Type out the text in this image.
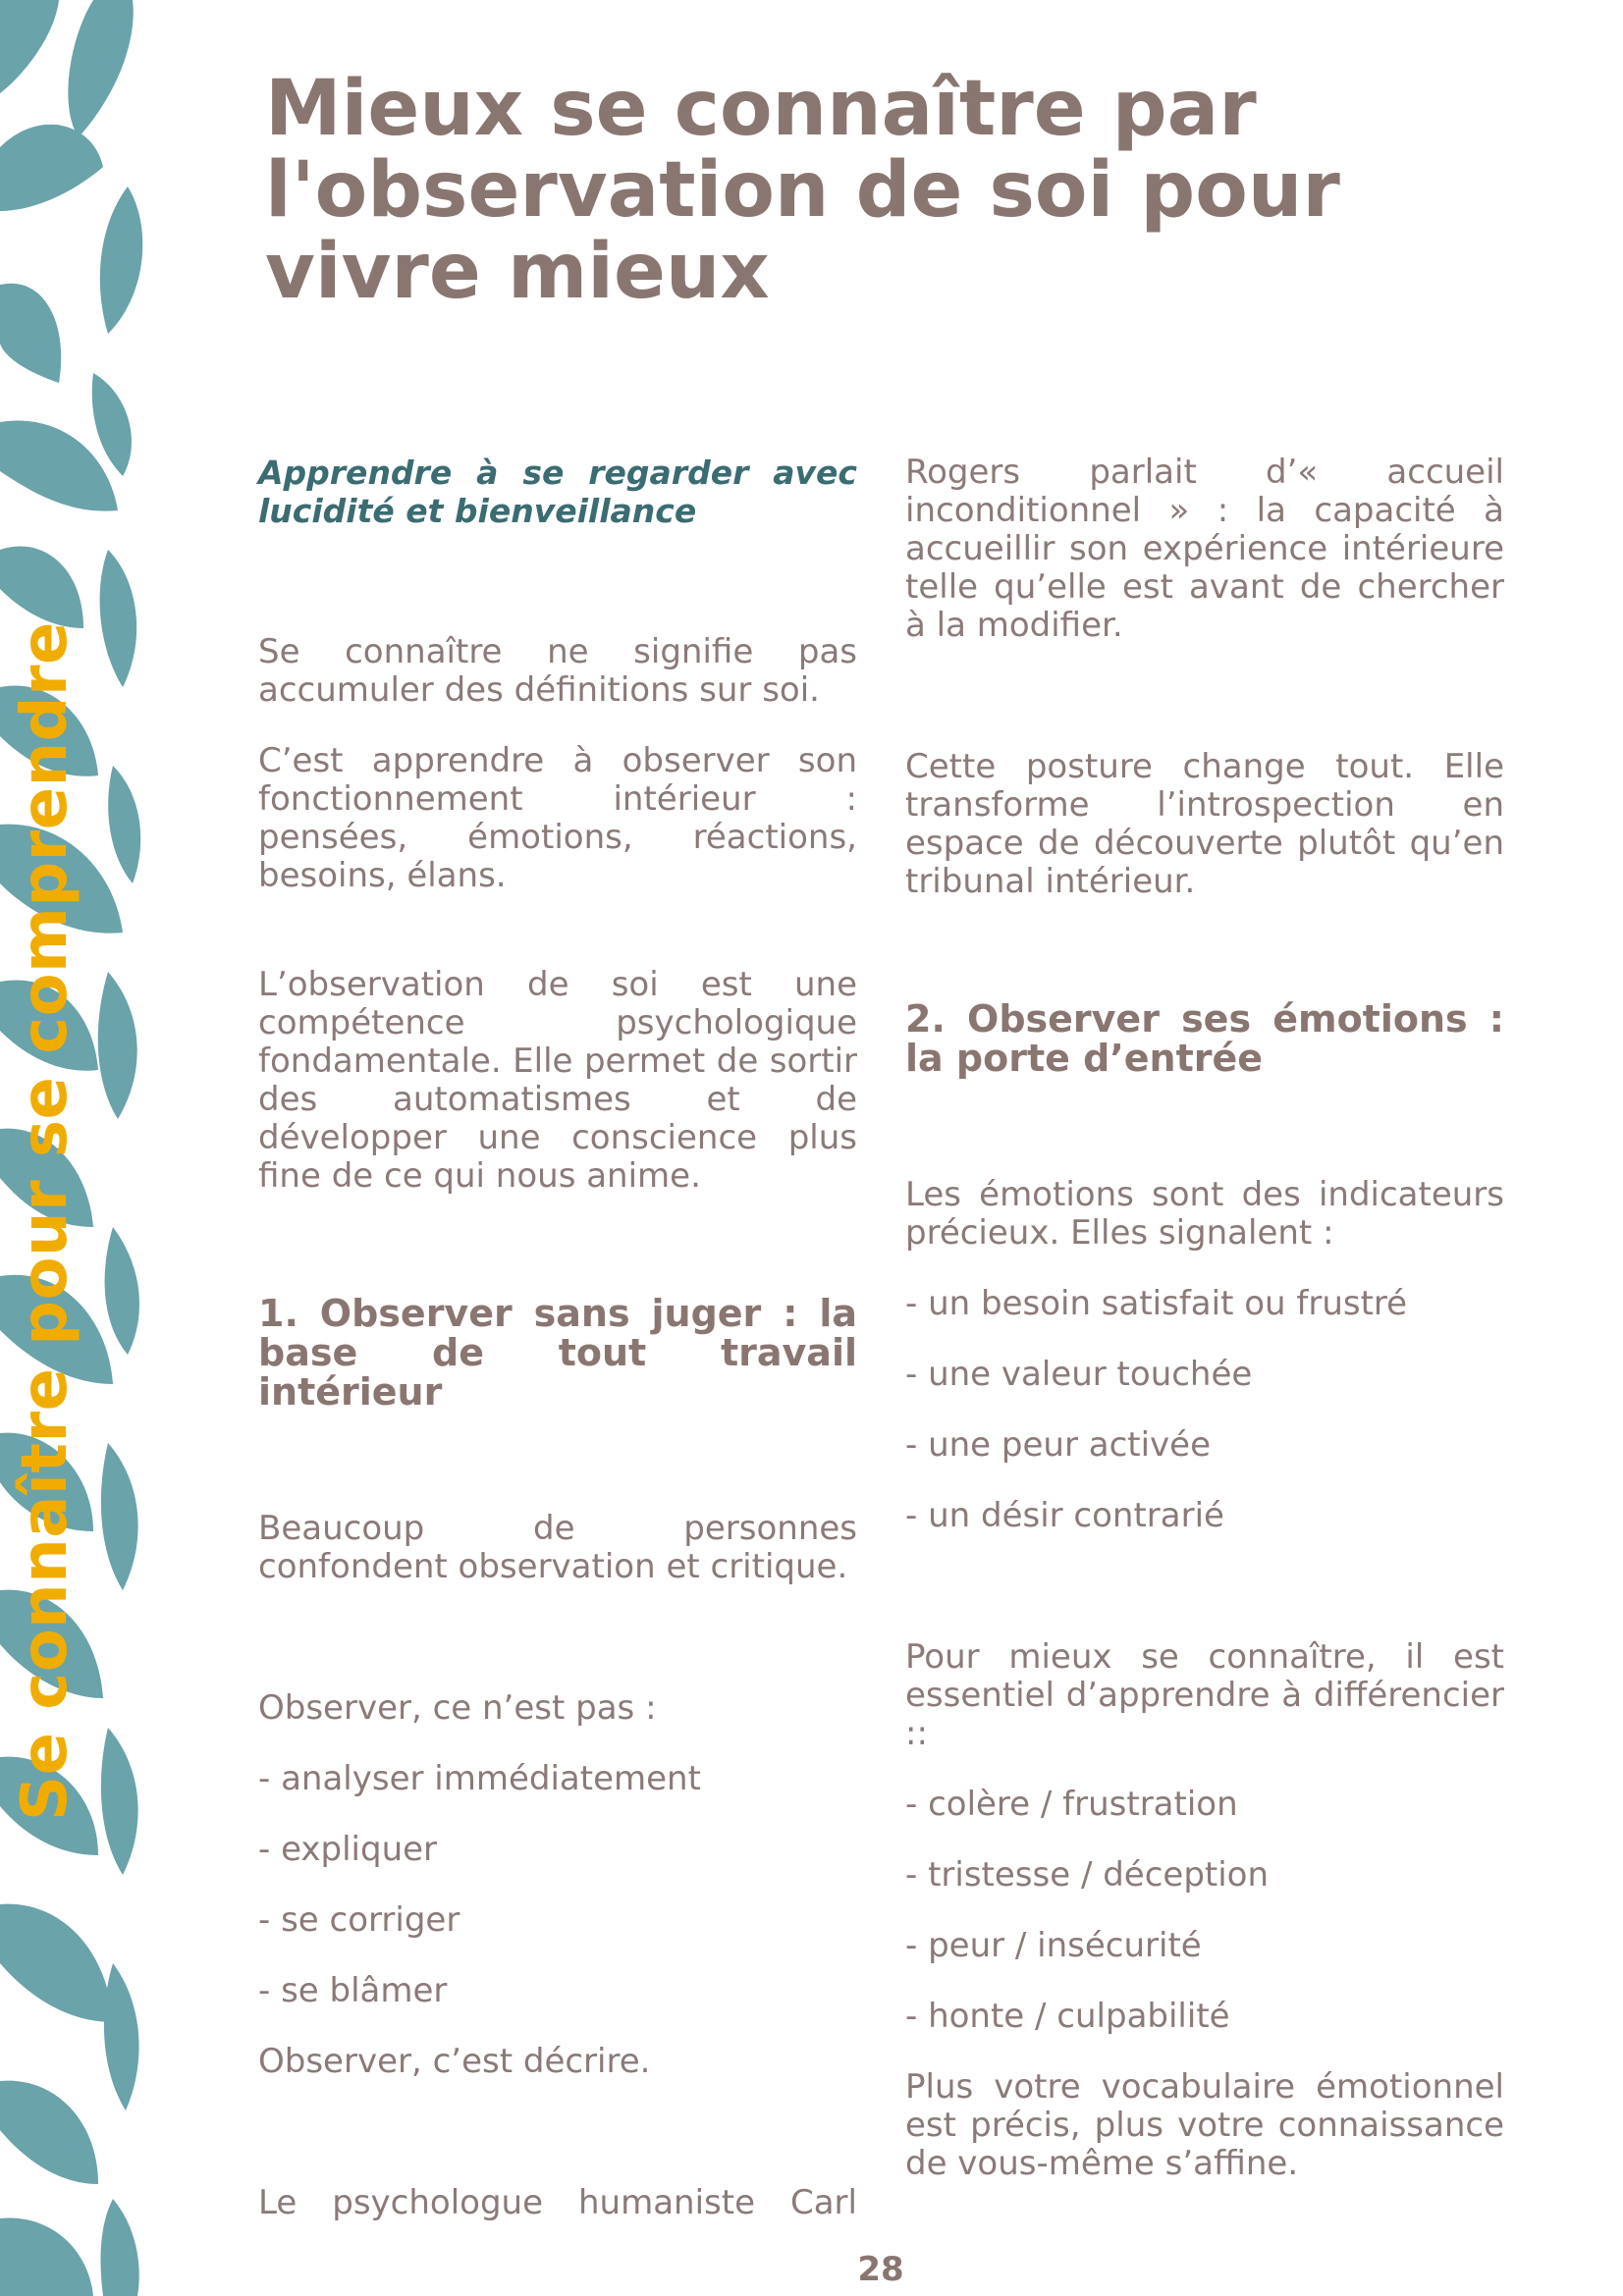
Se connaître pour se comprendre
Mieux se connaître par l'observation de soi pour vivre mieux

Apprendre à se regarder avec lucidité et bienveillance

Se connaître ne signifie pas accumuler des définitions sur soi.

C’est apprendre à observer son fonctionnement intérieur : pensées, émotions, réactions, besoins, élans.

L’observation de soi est une compétence psychologique fondamentale. Elle permet de sortir des automatismes et de développer une conscience plus fine de ce qui nous anime.

1. Observer sans juger : la base de tout travail intérieur

Beaucoup de personnes confondent observation et critique.

Observer, ce n’est pas :

- analyser immédiatement

- expliquer

- se corriger

- se blâmer

Observer, c’est décrire.

Le psychologue humaniste Carl

Rogers parlait d’« accueil inconditionnel » : la capacité à accueillir son expérience intérieure telle qu’elle est avant de chercher à la modifier.

Cette posture change tout. Elle transforme l’introspection en espace de découverte plutôt qu’en tribunal intérieur.

2. Observer ses émotions : la porte d’entrée

Les émotions sont des indicateurs précieux. Elles signalent :

- un besoin satisfait ou frustré

- une valeur touchée

- une peur activée

- un désir contrarié

Pour mieux se connaître, il est essentiel d’apprendre à différencier ::

- colère / frustration

- tristesse / déception

- peur / insécurité

- honte / culpabilité

Plus votre vocabulaire émotionnel est précis, plus votre connaissance de vous-même s’affine.

28
